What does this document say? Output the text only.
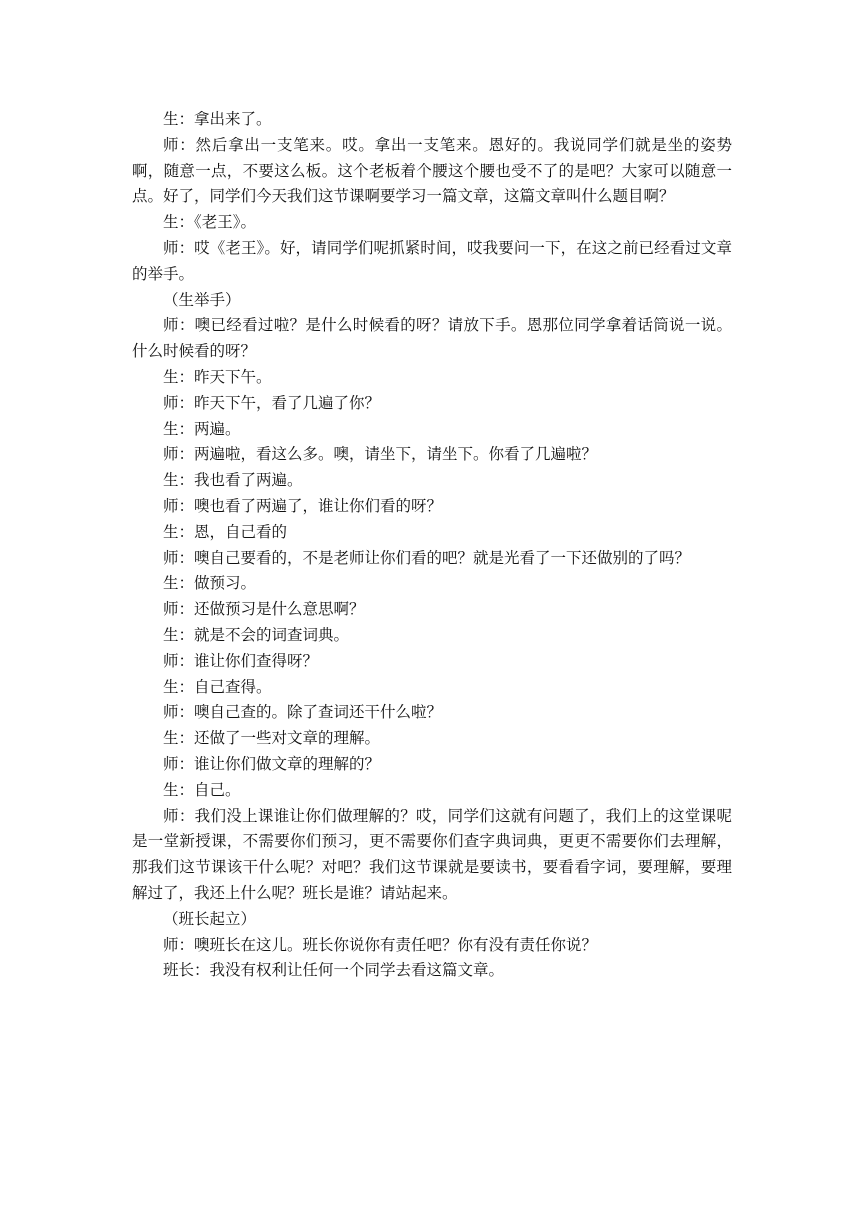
生：拿出来了。

师：然后拿出一支笔来。哎。拿出一支笔来。恩好的。我说同学们就是坐的姿势啊，随意一点，不要这么板。这个老板着个腰这个腰也受不了的是吧？大家可以随意一点。好了，同学们今天我们这节课啊要学习一篇文章，这篇文章叫什么题目啊？

生：《老王》。

师：哎《老王》。好，请同学们呢抓紧时间，哎我要问一下，在这之前已经看过文章的举手。

（生举手）

师：噢已经看过啦？是什么时候看的呀？请放下手。恩那位同学拿着话筒说一说。什么时候看的呀？

生：昨天下午。

师：昨天下午，看了几遍了你？

生：两遍。

师：两遍啦，看这么多。噢，请坐下，请坐下。你看了几遍啦？

生：我也看了两遍。

师：噢也看了两遍了，谁让你们看的呀？

生：恩，自己看的

师：噢自己要看的，不是老师让你们看的吧？就是光看了一下还做别的了吗？

生：做预习。

师：还做预习是什么意思啊？

生：就是不会的词查词典。

师：谁让你们查得呀？

生：自己查得。

师：噢自己查的。除了查词还干什么啦？

生：还做了一些对文章的理解。

师：谁让你们做文章的理解的？

生：自己。

师：我们没上课谁让你们做理解的？哎，同学们这就有问题了，我们上的这堂课呢是一堂新授课，不需要你们预习，更不需要你们查字典词典，更更不需要你们去理解，那我们这节课该干什么呢？对吧？我们这节课就是要读书，要看看字词，要理解，要理解过了，我还上什么呢？班长是谁？请站起来。

（班长起立）

师：噢班长在这儿。班长你说你有责任吧？你有没有责任你说？

班长：我没有权利让任何一个同学去看这篇文章。
